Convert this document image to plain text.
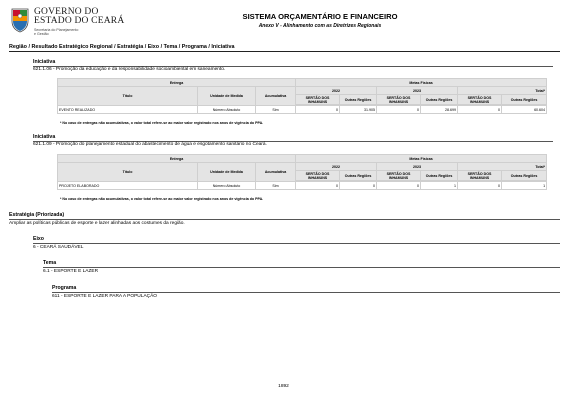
GOVERNO DO
ESTADO DO CEARÁ
Secretaria do Planejamento
e Gestão
SISTEMA ORÇAMENTÁRIO E FINANCEIRO
Anexo V - Alinhamento com as Diretrizes Regionais
Região / Resultado Estratégico Regional / Estratégia / Eixo / Tema / Programa / Iniciativa
Iniciativa
621.1.06 - Promoção da educação e da responsabilidade socioambiental em saneamento.
Entrega			Metas Físicas					
Título	Unidade de Medida	Acumulativa	2022		2023		Total*	
			SERTÃO DOS INHAMUNS	Outras Regiões	SERTÃO DOS INHAMUNS	Outras Regiões	SERTÃO DOS INHAMUNS	Outras Regiões

EVENTO REALIZADO	Número Absoluto	Sim	0	31.905	0	28.699	0	60.604
* No caso de entregas não acumulativas, o valor total refere-se ao maior valor registrado nos anos de vigência do PPA.
Iniciativa
621.1.09 - Promoção do planejamento estadual do abastecimento de água e esgotamento sanitário no Ceará.
Entrega			Metas Físicas					
Título	Unidade de Medida	Acumulativa	2022		2023		Total*	
			SERTÃO DOS INHAMUNS	Outras Regiões	SERTÃO DOS INHAMUNS	Outras Regiões	SERTÃO DOS INHAMUNS	Outras Regiões

PROJETO ELABORADO	Número Absoluto	Sim	0	0	0	1	0	1
* No caso de entregas não acumulativas, o valor total refere-se ao maior valor registrado nos anos de vigência do PPA.
Estratégia (Priorizada)
Ampliar as políticas públicas de esporte e lazer alinhadas aos costumes da região.
Eixo
6 - CEARÁ SAUDÁVEL
Tema
6.1 - ESPORTE E LAZER
Programa
611 - ESPORTE E LAZER PARA A POPULAÇÃO
1892
